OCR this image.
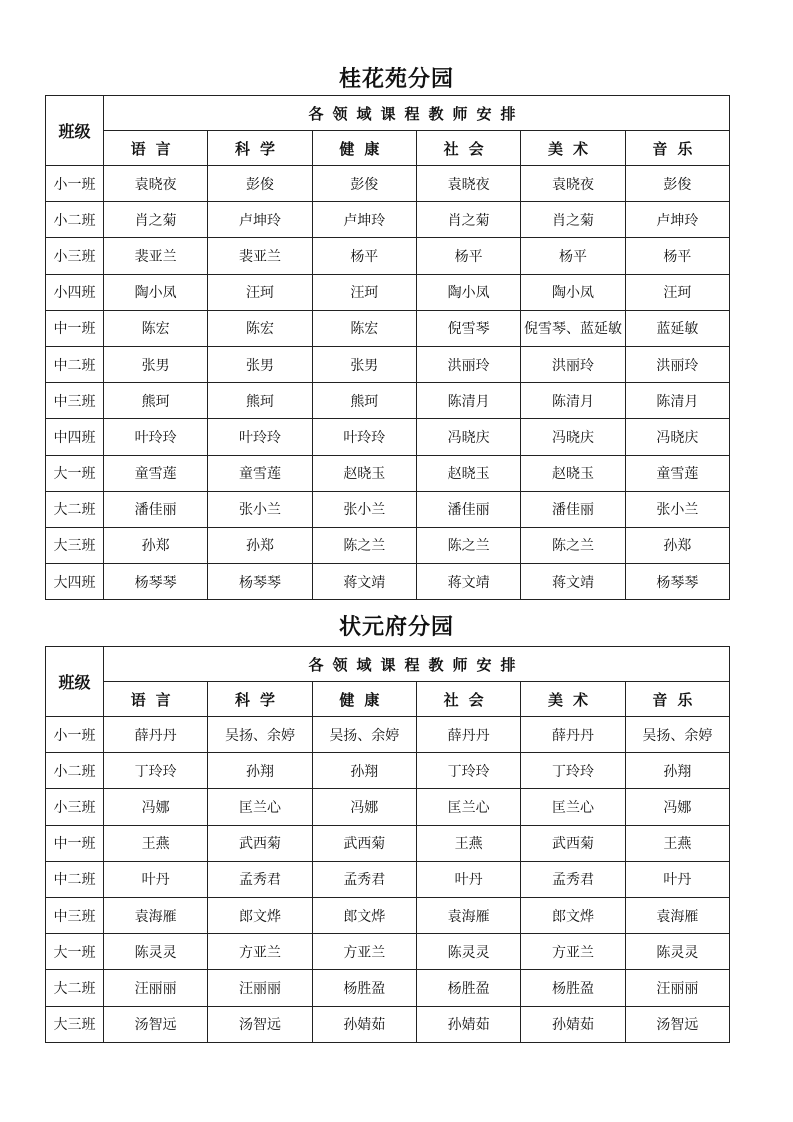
桂花苑分园
班级	各领域课程教师安排					
	语言	科学	健康	社会	美术	音乐
小一班	袁晓夜	彭俊	彭俊	袁晓夜	袁晓夜	彭俊
小二班	肖之菊	卢坤玲	卢坤玲	肖之菊	肖之菊	卢坤玲
小三班	裴亚兰	裴亚兰	杨平	杨平	杨平	杨平
小四班	陶小凤	汪珂	汪珂	陶小凤	陶小凤	汪珂
中一班	陈宏	陈宏	陈宏	倪雪琴	倪雪琴、蓝延敏	蓝延敏
中二班	张男	张男	张男	洪丽玲	洪丽玲	洪丽玲
中三班	熊珂	熊珂	熊珂	陈清月	陈清月	陈清月
中四班	叶玲玲	叶玲玲	叶玲玲	冯晓庆	冯晓庆	冯晓庆
大一班	童雪莲	童雪莲	赵晓玉	赵晓玉	赵晓玉	童雪莲
大二班	潘佳丽	张小兰	张小兰	潘佳丽	潘佳丽	张小兰
大三班	孙郑	孙郑	陈之兰	陈之兰	陈之兰	孙郑
大四班	杨琴琴	杨琴琴	蒋文靖	蒋文靖	蒋文靖	杨琴琴
状元府分园
班级	各领域课程教师安排					
	语言	科学	健康	社会	美术	音乐
小一班	薛丹丹	吴扬、余婷	吴扬、余婷	薛丹丹	薛丹丹	吴扬、余婷
小二班	丁玲玲	孙翔	孙翔	丁玲玲	丁玲玲	孙翔
小三班	冯娜	匡兰心	冯娜	匡兰心	匡兰心	冯娜
中一班	王燕	武西菊	武西菊	王燕	武西菊	王燕
中二班	叶丹	孟秀君	孟秀君	叶丹	孟秀君	叶丹
中三班	袁海雁	郎文烨	郎文烨	袁海雁	郎文烨	袁海雁
大一班	陈灵灵	方亚兰	方亚兰	陈灵灵	方亚兰	陈灵灵
大二班	汪丽丽	汪丽丽	杨胜盈	杨胜盈	杨胜盈	汪丽丽
大三班	汤智远	汤智远	孙婧茹	孙婧茹	孙婧茹	汤智远
